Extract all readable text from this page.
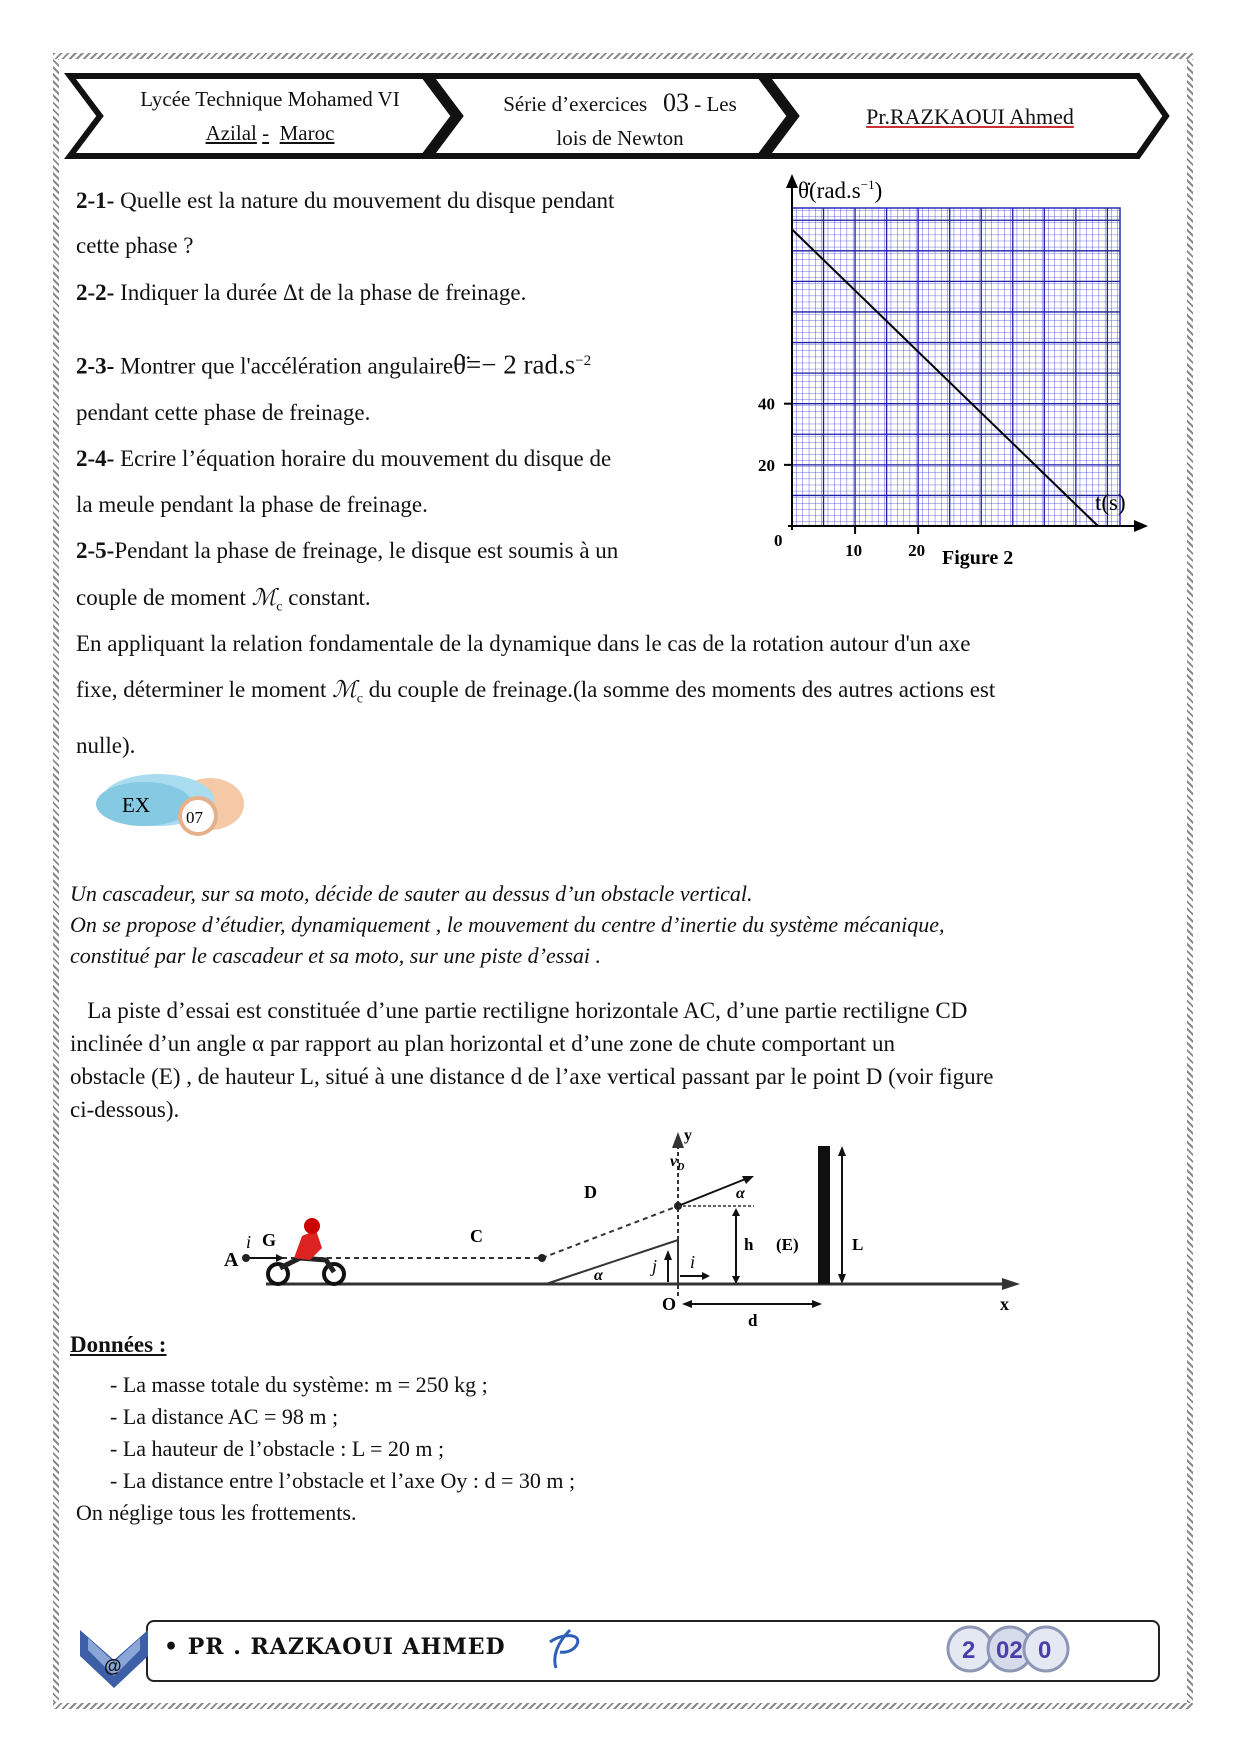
Lycée Technique Mohamed VI
Azilal - Maroc
Série d’exercices 03 - Les
lois de Newton
Pr.RAZKAOUI Ahmed
2-1- Quelle est la nature du mouvement du disque pendant
cette phase ?
2-2- Indiquer la durée Δt de la phase de freinage.
2-3- Montrer que l'accélération angulaireθ̈=− 2 $rad.s^{-2}$
pendant cette phase de freinage.
2-4- Ecrire l’équation horaire du mouvement du disque de
la meule pendant la phase de freinage.
2-5-Pendant la phase de freinage, le disque est soumis à un
couple de moment ℳ$_c$ constant.
En appliquant la relation fondamentale de la dynamique dans le cas de la rotation autour d'un axe
fixe, déterminer le moment ℳ$_c$ du couple de freinage.(la somme des moments des autres actions est
nulle).
$\thetȧ(rad.s^{-1})$
t(s)
0
10	20
20
40
Figure 2
EX
07
Un cascadeur, sur sa moto, décide de sauter au dessus d’un obstacle vertical.
On se propose d’étudier, dynamiquement , le mouvement du centre d’inertie du système mécanique,
constitué par le cascadeur et sa moto, sur une piste d’essai .
La piste d’essai est constituée d’une partie rectiligne horizontale AC, d’une partie rectiligne CD
inclinée d’un angle α par rapport au plan horizontal et d’une zone de chute comportant un
obstacle (E) , de hauteur L, situé à une distance d de l’axe vertical passant par le point D (voir figure
ci-dessous).
x
y
A
i G	C
D
$v_D$
α
α
h (E)	L
j i
O
d
Données :
- La masse totale du système: m = 250 kg ;
- La distance AC = 98 m ;
- La hauteur de l’obstacle : L = 20 m ;
- La distance entre l’obstacle et l’axe Oy : d = 30 m ;
On néglige tous les frottements.
@
• PR . RAZKAOUI AHMED	2 02 0
